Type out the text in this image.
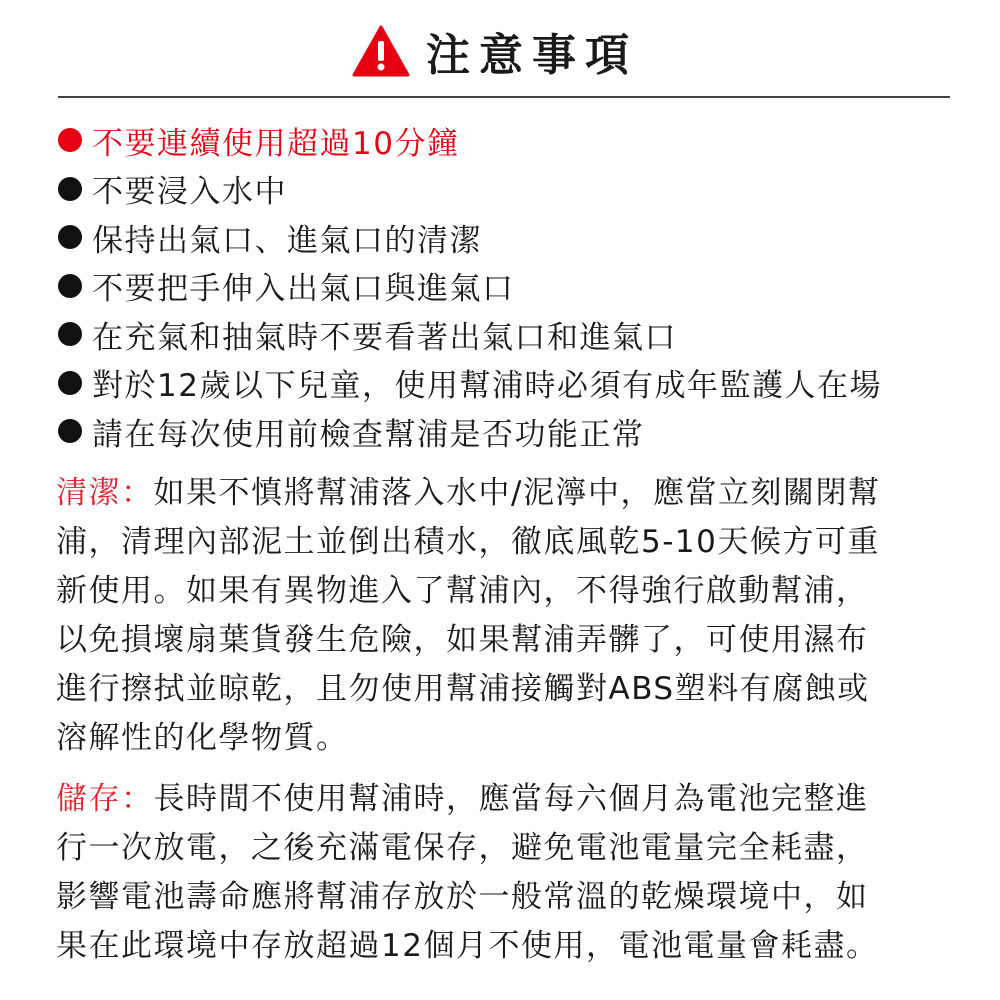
注意事項
不要連續使用超過10分鐘
不要浸入水中
保持出氣口、進氣口的清潔
不要把手伸入出氣口與進氣口
在充氣和抽氣時不要看著出氣口和進氣口
對於12歲以下兒童，使用幫浦時必須有成年監護人在場
請在每次使用前檢查幫浦是否功能正常
清潔：如果不慎將幫浦落入水中/泥濘中，應當立刻關閉幫
浦，清理內部泥土並倒出積水，徹底風乾5-10天候方可重
新使用。如果有異物進入了幫浦內，不得強行啟動幫浦，
以免損壞扇葉貨發生危險，如果幫浦弄髒了，可使用濕布
進行擦拭並晾乾，且勿使用幫浦接觸對ABS塑料有腐蝕或
溶解性的化學物質。
儲存：長時間不使用幫浦時，應當每六個月為電池完整進
行一次放電，之後充滿電保存，避免電池電量完全耗盡，
影響電池壽命應將幫浦存放於一般常溫的乾燥環境中，如
果在此環境中存放超過12個月不使用，電池電量會耗盡。
